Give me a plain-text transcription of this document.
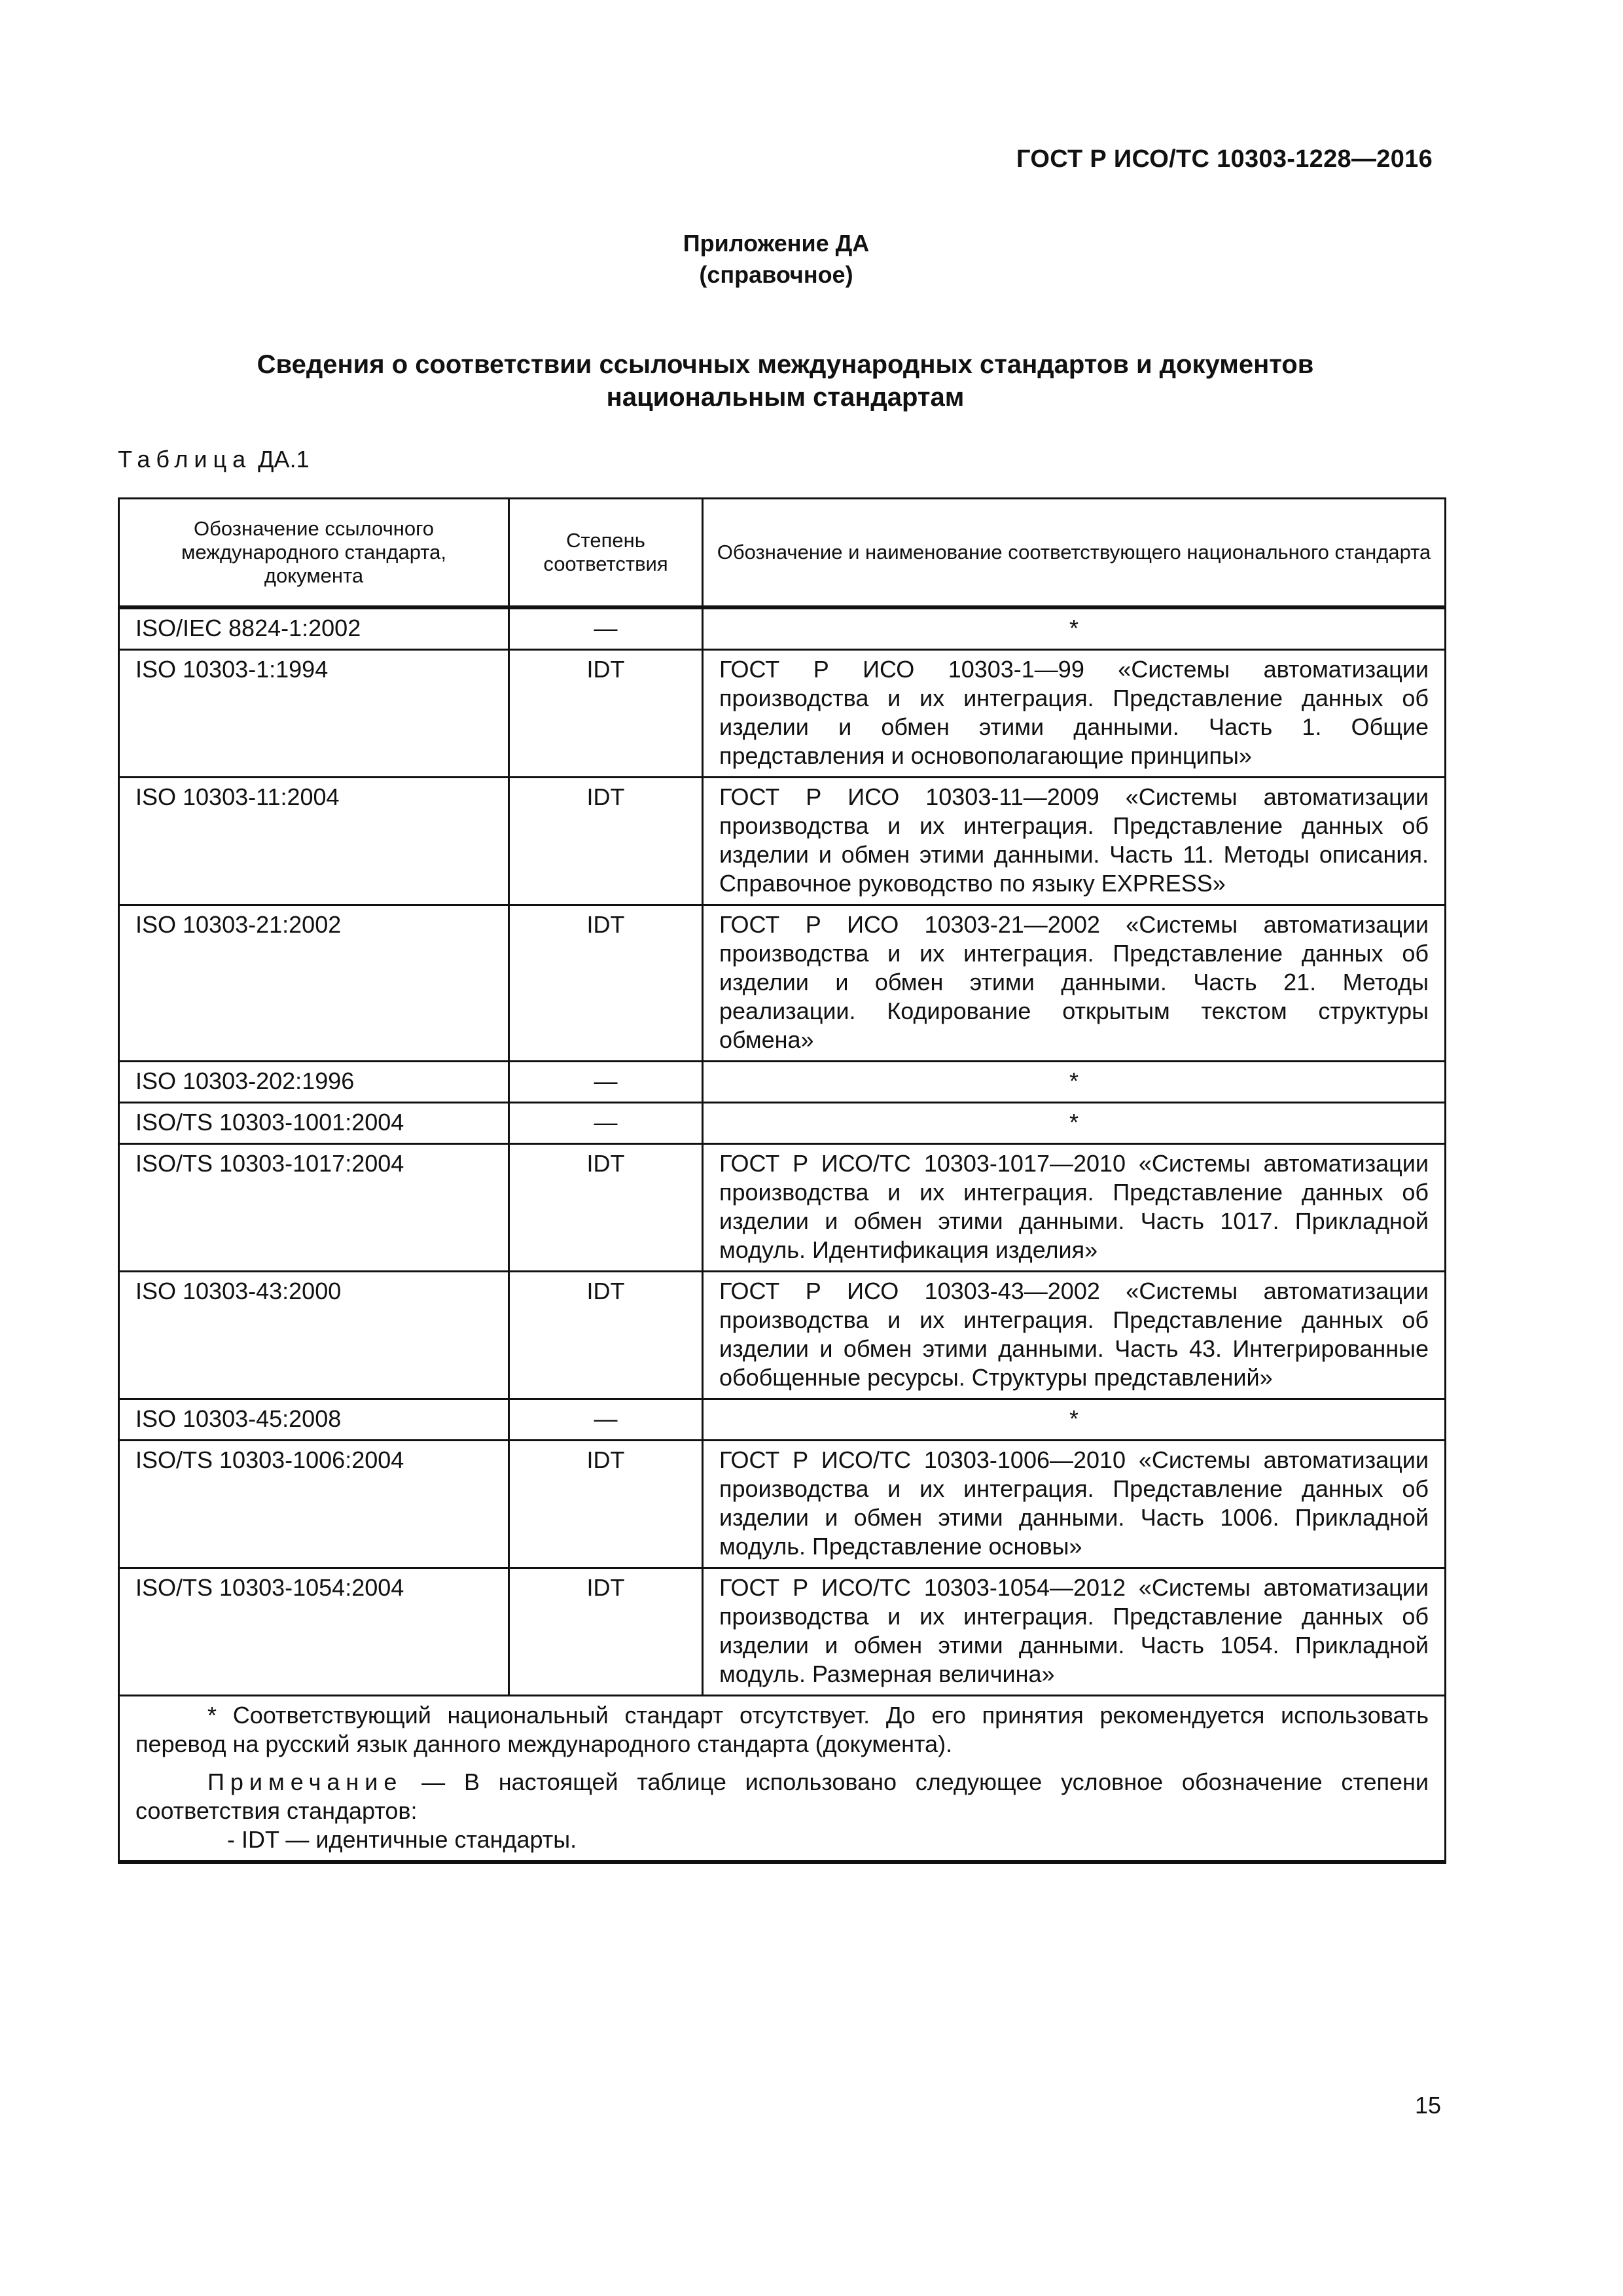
ГОСТ Р ИСО/ТС 10303-1228—2016
Приложение ДА
(справочное)
Сведения о соответствии ссылочных международных стандартов и документов
национальным стандартам
Таблица ДА.1
Обозначение ссылочного международного стандарта, документа	Степень соответствия	Обозначение и наименование соответствующего национального стандарта
ISO/IEC 8824-1:2002	—	*
ISO 10303-1:1994	IDT	ГОСТ Р ИСО 10303-1—99 «Системы автоматизации производства и их интеграция. Представление данных об изделии и обмен этими данными. Часть 1. Общие представления и основополагающие принципы»
ISO 10303-11:2004	IDT	ГОСТ Р ИСО 10303-11—2009 «Системы автоматизации производства и их интеграция. Представление данных об изделии и обмен этими данными. Часть 11. Методы описания. Справочное руководство по языку EXPRESS»
ISO 10303-21:2002	IDT	ГОСТ Р ИСО 10303-21—2002 «Системы автоматизации производства и их интеграция. Представление данных об изделии и обмен этими данными. Часть 21. Методы реализации. Кодирование открытым текстом структуры обмена»
ISO 10303-202:1996	—	*
ISO/TS 10303-1001:2004	—	*
ISO/TS 10303-1017:2004	IDT	ГОСТ Р ИСО/ТС 10303-1017—2010 «Системы автоматизации производства и их интеграция. Представление данных об изделии и обмен этими данными. Часть 1017. Прикладной модуль. Идентификация изделия»
ISO 10303-43:2000	IDT	ГОСТ Р ИСО 10303-43—2002 «Системы автоматизации производства и их интеграция. Представление данных об изделии и обмен этими данными. Часть 43. Интегрированные обобщенные ресурсы. Структуры представлений»
ISO 10303-45:2008	—	*
ISO/TS 10303-1006:2004	IDT	ГОСТ Р ИСО/ТС 10303-1006—2010 «Системы автоматизации производства и их интеграция. Представление данных об изделии и обмен этими данными. Часть 1006. Прикладной модуль. Представление основы»
ISO/TS 10303-1054:2004	IDT	ГОСТ Р ИСО/ТС 10303-1054—2012 «Системы автоматизации производства и их интеграция. Представление данных об изделии и обмен этими данными. Часть 1054. Прикладной модуль. Размерная величина»

* Соответствующий национальный стандарт отсутствует. До его принятия рекомендуется использовать перевод на русский язык данного международного стандарта (документа).

Примечание — В настоящей таблице использовано следующее условное обозначение степени соответствия стандартов:

- IDT — идентичные стандарты.		

15
